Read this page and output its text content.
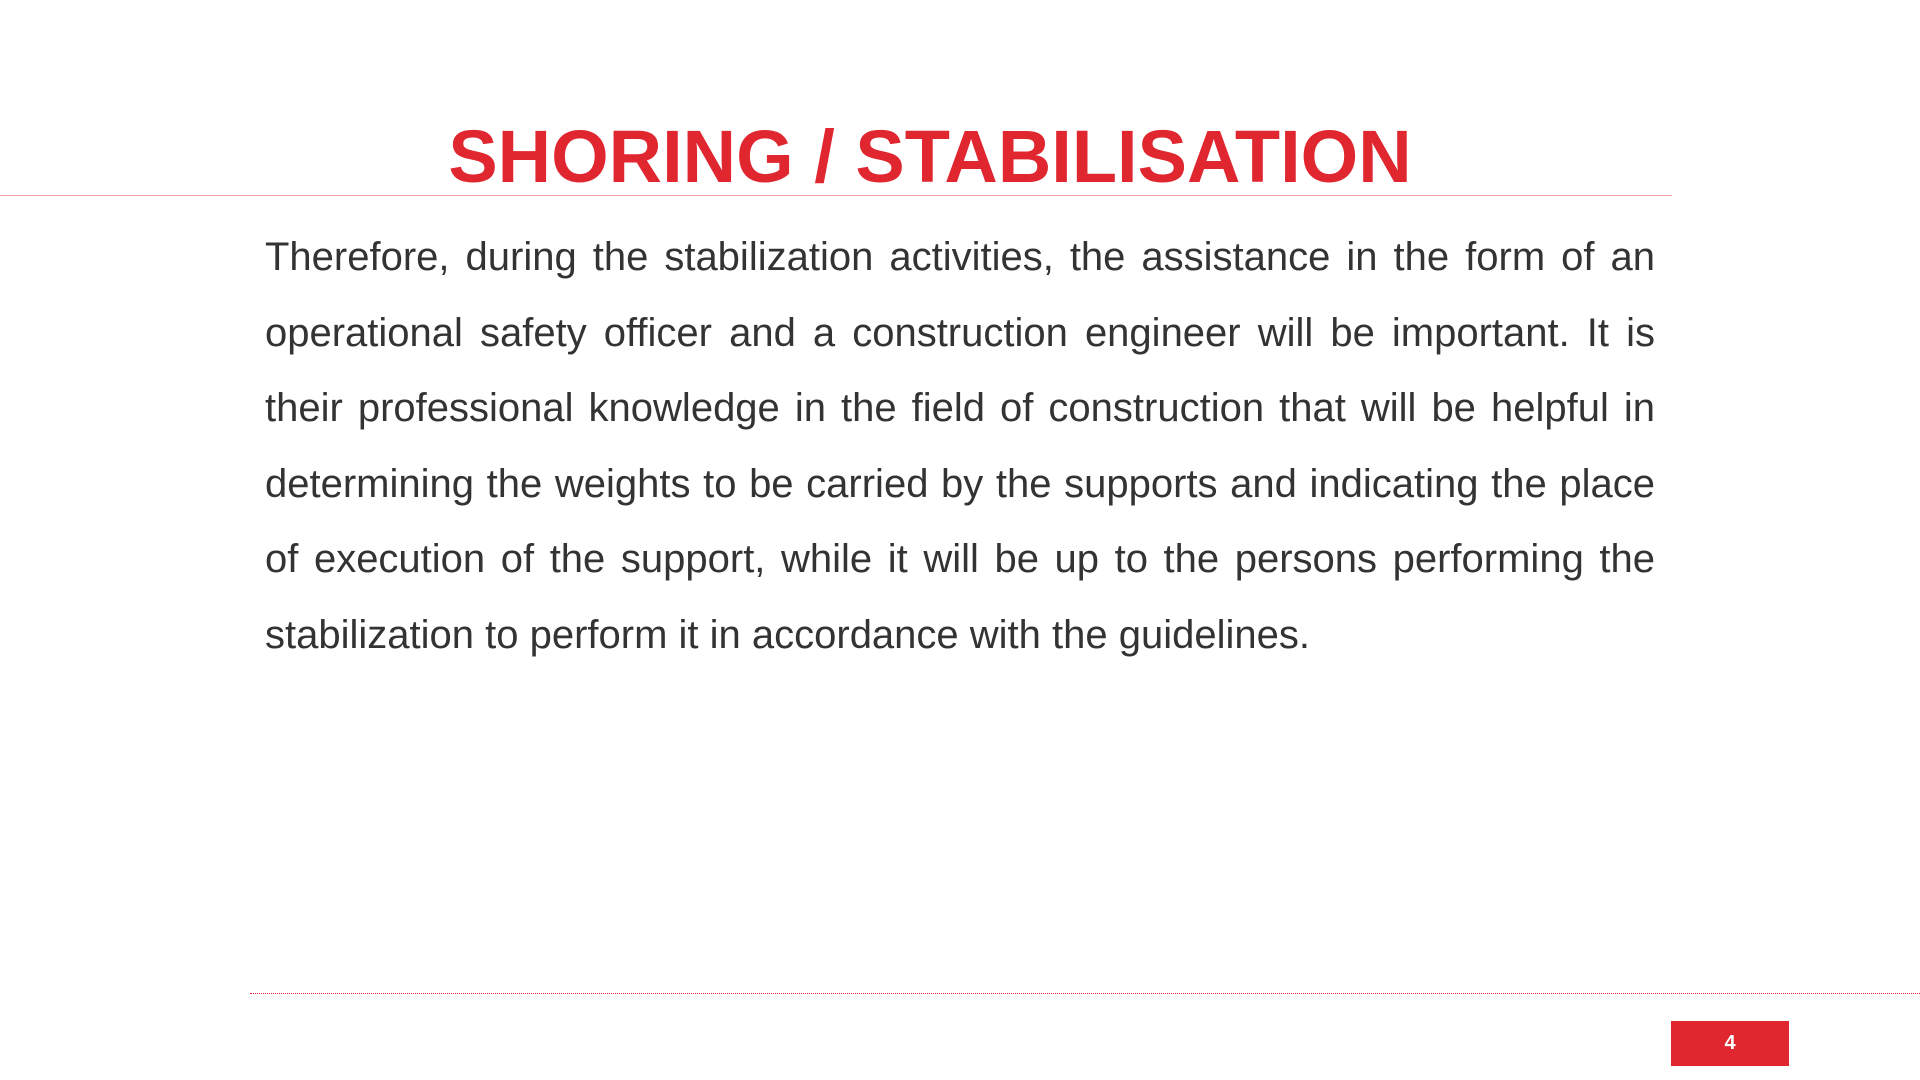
SHORING / STABILISATION

Therefore, during the stabilization activities, the assistance in the form of an operational safety officer and a construction engineer will be important. It is their professional knowledge in the field of construction that will be helpful in determining the weights to be carried by the supports and indicating the place of execution of the support, while it will be up to the persons performing the stabilization to perform it in accordance with the guidelines.

4
